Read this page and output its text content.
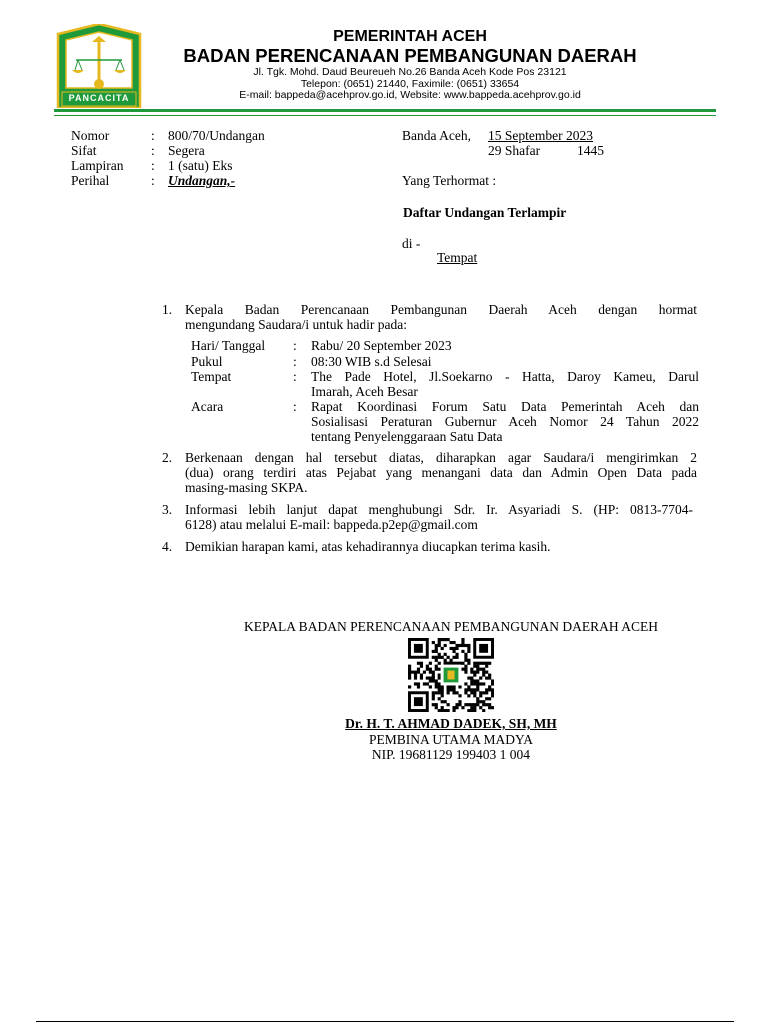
PANCACITA
PEMERINTAH ACEH
BADAN PERENCANAAN PEMBANGUNAN DAERAH
Jl. Tgk. Mohd. Daud Beureueh No.26 Banda Aceh Kode Pos 23121
Telepon: (0651) 21440, Faximile: (0651) 33654
E-mail: bappeda@acehprov.go.id, Website: www.bappeda.acehprov.go.id
Nomor	: 800/70/Undangan
Sifat	: Segera
Lampiran : 1 (satu) Eks
Perihal	: Undangan,-
Banda Aceh, 15 September 2023
29 Shafar	1445
Yang Terhormat :
Daftar Undangan Terlampir
di -
Tempat
1. Kepala Badan Perencanaan Pembangunan Daerah Aceh dengan hormat
mengundang Saudara/i untuk hadir pada:
Hari/ Tanggal : Rabu/ 20 September 2023
Pukul	: 08:30 WIB s.d Selesai
Tempat	: The Pade Hotel, Jl.Soekarno - Hatta, Daroy Kameu, Darul
Imarah, Aceh Besar
Acara	: Rapat Koordinasi Forum Satu Data Pemerintah Aceh dan
Sosialisasi Peraturan Gubernur Aceh Nomor 24 Tahun 2022
tentang Penyelenggaraan Satu Data
2. Berkenaan dengan hal tersebut diatas, diharapkan agar Saudara/i mengirimkan 2
(dua) orang terdiri atas Pejabat yang menangani data dan Admin Open Data pada
masing-masing SKPA.
3. Informasi lebih lanjut dapat menghubungi Sdr. Ir. Asyariadi S. (HP: 0813-7704-
6128) atau melalui E-mail: bappeda.p2ep@gmail.com
4. Demikian harapan kami, atas kehadirannya diucapkan terima kasih.
KEPALA BADAN PERENCANAAN PEMBANGUNAN DAERAH ACEH
Dr. H. T. AHMAD DADEK, SH, MH
PEMBINA UTAMA MADYA
NIP. 19681129 199403 1 004
